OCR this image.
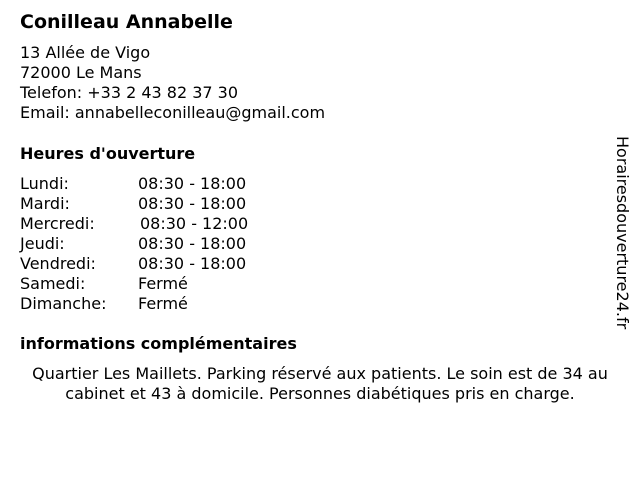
Conilleau Annabelle
13 Allée de Vigo
72000 Le Mans
Telefon: +33 2 43 82 37 30
Email: annabelleconilleau@gmail.com
Heures d'ouverture
Lundi:	08:30 - 18:00
Mardi:	08:30 - 18:00
Mercredi:	08:30 - 12:00
Jeudi:	08:30 - 18:00
Vendredi:	08:30 - 18:00
Samedi:	Fermé
Dimanche: Fermé
informations complémentaires
Quartier Les Maillets. Parking réservé aux patients. Le soin est de 34 au cabinet et 43 à domicile. Personnes diabétiques pris en charge.
Horairesdouverture24.fr
